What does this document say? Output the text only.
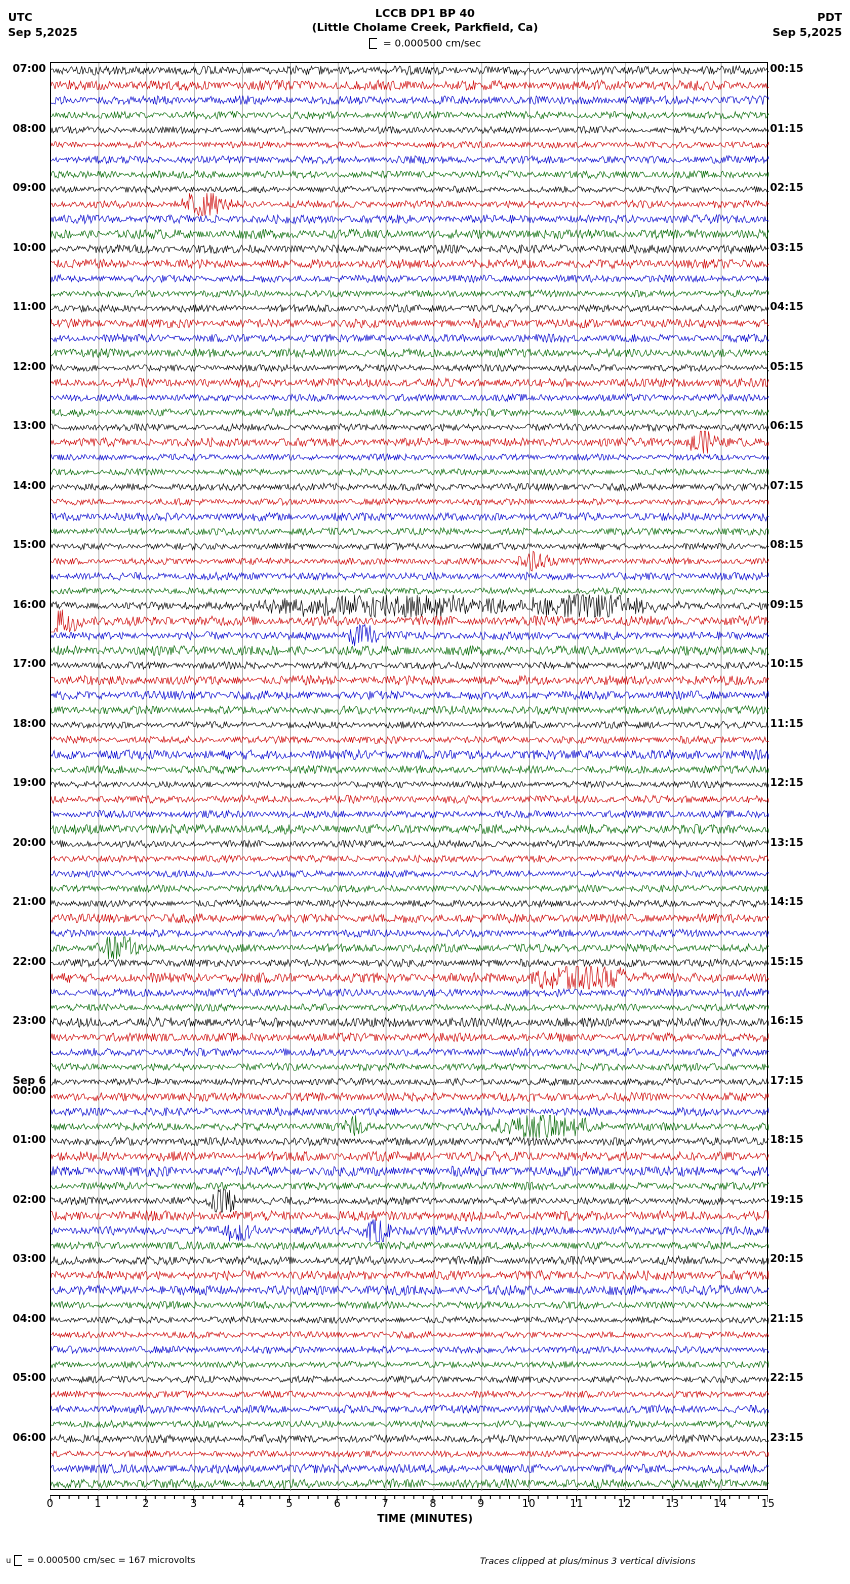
UTC
Sep 5,2025
LCCB DP1 BP 40
(Little Cholame Creek, Parkfield, Ca)
PDT
Sep 5,2025
= 0.000500 cm/sec
TIME (MINUTES)
u = 0.000500 cm/sec = 167 microvolts	Traces clipped at plus/minus 3 vertical divisions
07:00
08:00
09:00
10:00
11:00
12:00
13:00
14:00
15:00
16:00
17:00
18:00
19:00
20:00
21:00
22:00
23:00
Sep 6
00:00
01:00
02:00
03:00
04:00
05:00
06:00
00:15
01:15
02:15
03:15
04:15
05:15
06:15
07:15
08:15
09:15
10:15
11:15
12:15
13:15
14:15
15:15
16:15
17:15
18:15
19:15
20:15
21:15
22:15
23:15
0	1	2	3	4	5	6	7	8	9	10	11	12	13	14	15
